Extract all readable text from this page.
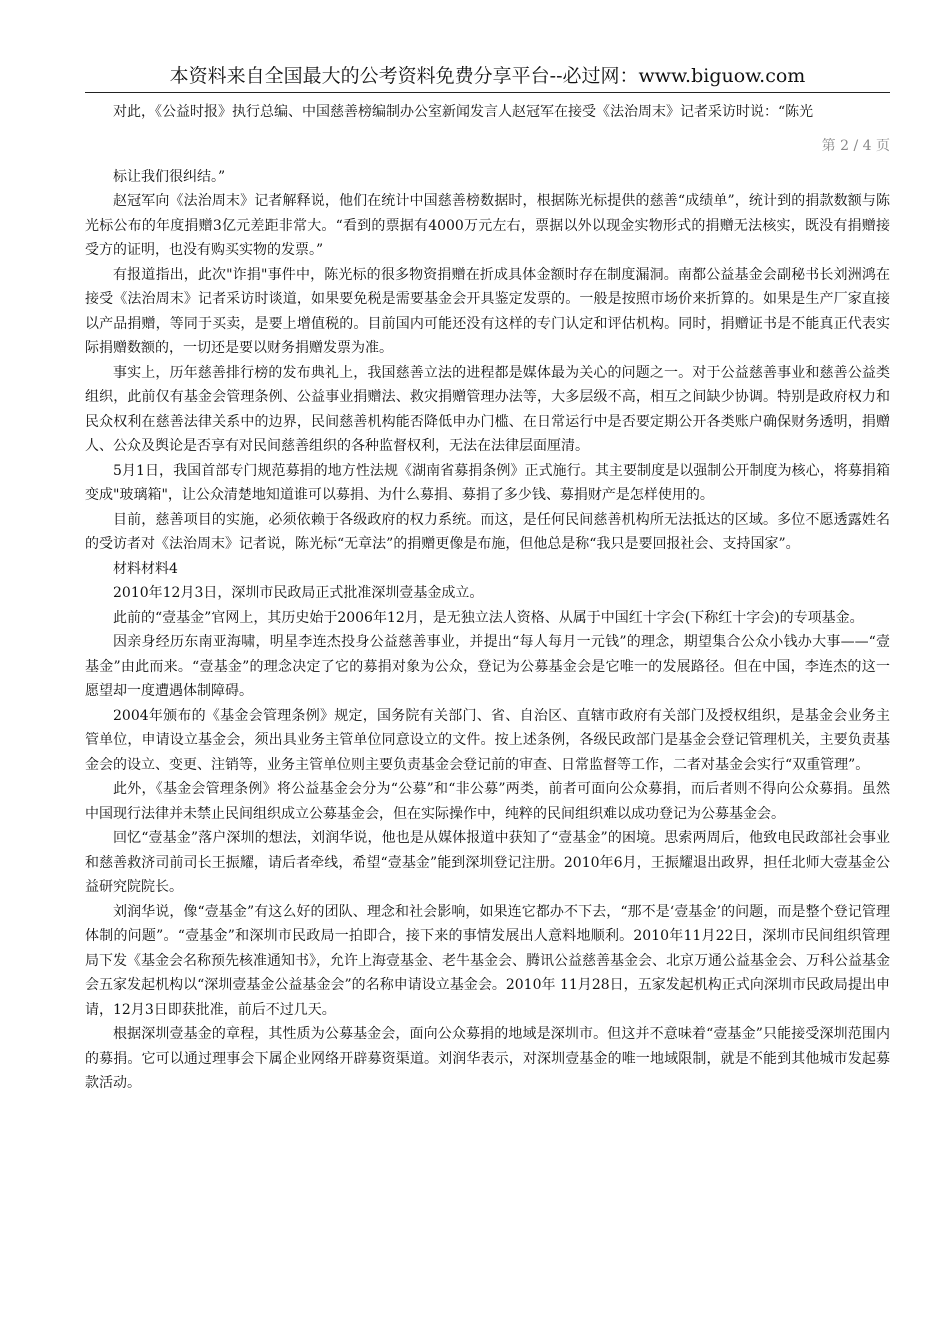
本资料来自全国最大的公考资料免费分享平台--必过网：www.biguow.com

对此，《公益时报》执行总编、中国慈善榜编制办公室新闻发言人赵冠军在接受《法治周末》记者采访时说：“陈光

第 2 / 4 页

标让我们很纠结。”

赵冠军向《法治周末》记者解释说，他们在统计中国慈善榜数据时，根据陈光标提供的慈善“成绩单”，统计到的捐款数额与陈光标公布的年度捐赠3亿元差距非常大。“看到的票据有4000万元左右，票据以外以现金实物形式的捐赠无法核实，既没有捐赠接受方的证明，也没有购买实物的发票。”

有报道指出，此次"诈捐"事件中，陈光标的很多物资捐赠在折成具体金额时存在制度漏洞。南都公益基金会副秘书长刘洲鸿在接受《法治周末》记者采访时谈道，如果要免税是需要基金会开具鉴定发票的。一般是按照市场价来折算的。如果是生产厂家直接以产品捐赠，等同于买卖，是要上增值税的。目前国内可能还没有这样的专门认定和评估机构。同时，捐赠证书是不能真正代表实际捐赠数额的，一切还是要以财务捐赠发票为准。

事实上，历年慈善排行榜的发布典礼上，我国慈善立法的进程都是媒体最为关心的问题之一。对于公益慈善事业和慈善公益类组织，此前仅有基金会管理条例、公益事业捐赠法、救灾捐赠管理办法等，大多层级不高，相互之间缺少协调。特别是政府权力和民众权利在慈善法律关系中的边界，民间慈善机构能否降低申办门槛、在日常运行中是否要定期公开各类账户确保财务透明，捐赠人、公众及舆论是否享有对民间慈善组织的各种监督权利，无法在法律层面厘清。

5月1日，我国首部专门规范募捐的地方性法规《湖南省募捐条例》正式施行。其主要制度是以强制公开制度为核心，将募捐箱变成"玻璃箱"，让公众清楚地知道谁可以募捐、为什么募捐、募捐了多少钱、募捐财产是怎样使用的。

目前，慈善项目的实施，必须依赖于各级政府的权力系统。而这，是任何民间慈善机构所无法抵达的区域。多位不愿透露姓名的受访者对《法治周末》记者说，陈光标“无章法”的捐赠更像是布施，但他总是称“我只是要回报社会、支持国家”。

材料材料4

2010年12月3日，深圳市民政局正式批准深圳壹基金成立。

此前的“壹基金”官网上，其历史始于2006年12月，是无独立法人资格、从属于中国红十字会(下称红十字会)的专项基金。

因亲身经历东南亚海啸，明星李连杰投身公益慈善事业，并提出“每人每月一元钱”的理念，期望集合公众小钱办大事——“壹基金”由此而来。“壹基金”的理念决定了它的募捐对象为公众，登记为公募基金会是它唯一的发展路径。但在中国，李连杰的这一愿望却一度遭遇体制障碍。

2004年颁布的《基金会管理条例》规定，国务院有关部门、省、自治区、直辖市政府有关部门及授权组织，是基金会业务主管单位，申请设立基金会，须出具业务主管单位同意设立的文件。按上述条例，各级民政部门是基金会登记管理机关，主要负责基金会的设立、变更、注销等，业务主管单位则主要负责基金会登记前的审查、日常监督等工作，二者对基金会实行“双重管理”。

此外，《基金会管理条例》将公益基金会分为“公募”和“非公募”两类，前者可面向公众募捐，而后者则不得向公众募捐。虽然中国现行法律并未禁止民间组织成立公募基金会，但在实际操作中，纯粹的民间组织难以成功登记为公募基金会。

回忆“壹基金”落户深圳的想法，刘润华说，他也是从媒体报道中获知了“壹基金”的困境。思索两周后，他致电民政部社会事业和慈善救济司前司长王振耀，请后者牵线，希望“壹基金”能到深圳登记注册。2010年6月，王振耀退出政界，担任北师大壹基金公益研究院院长。

刘润华说，像“壹基金”有这么好的团队、理念和社会影响，如果连它都办不下去，“那不是‘壹基金’的问题，而是整个登记管理体制的问题”。“壹基金”和深圳市民政局一拍即合，接下来的事情发展出人意料地顺利。2010年11月22日，深圳市民间组织管理局下发《基金会名称预先核准通知书》，允许上海壹基金、老牛基金会、腾讯公益慈善基金会、北京万通公益基金会、万科公益基金会五家发起机构以“深圳壹基金公益基金会”的名称申请设立基金会。2010年 11月28日，五家发起机构正式向深圳市民政局提出申请，12月3日即获批准，前后不过几天。

根据深圳壹基金的章程，其性质为公募基金会，面向公众募捐的地域是深圳市。但这并不意味着“壹基金”只能接受深圳范围内的募捐。它可以通过理事会下属企业网络开辟募资渠道。刘润华表示，对深圳壹基金的唯一地域限制，就是不能到其他城市发起募款活动。
